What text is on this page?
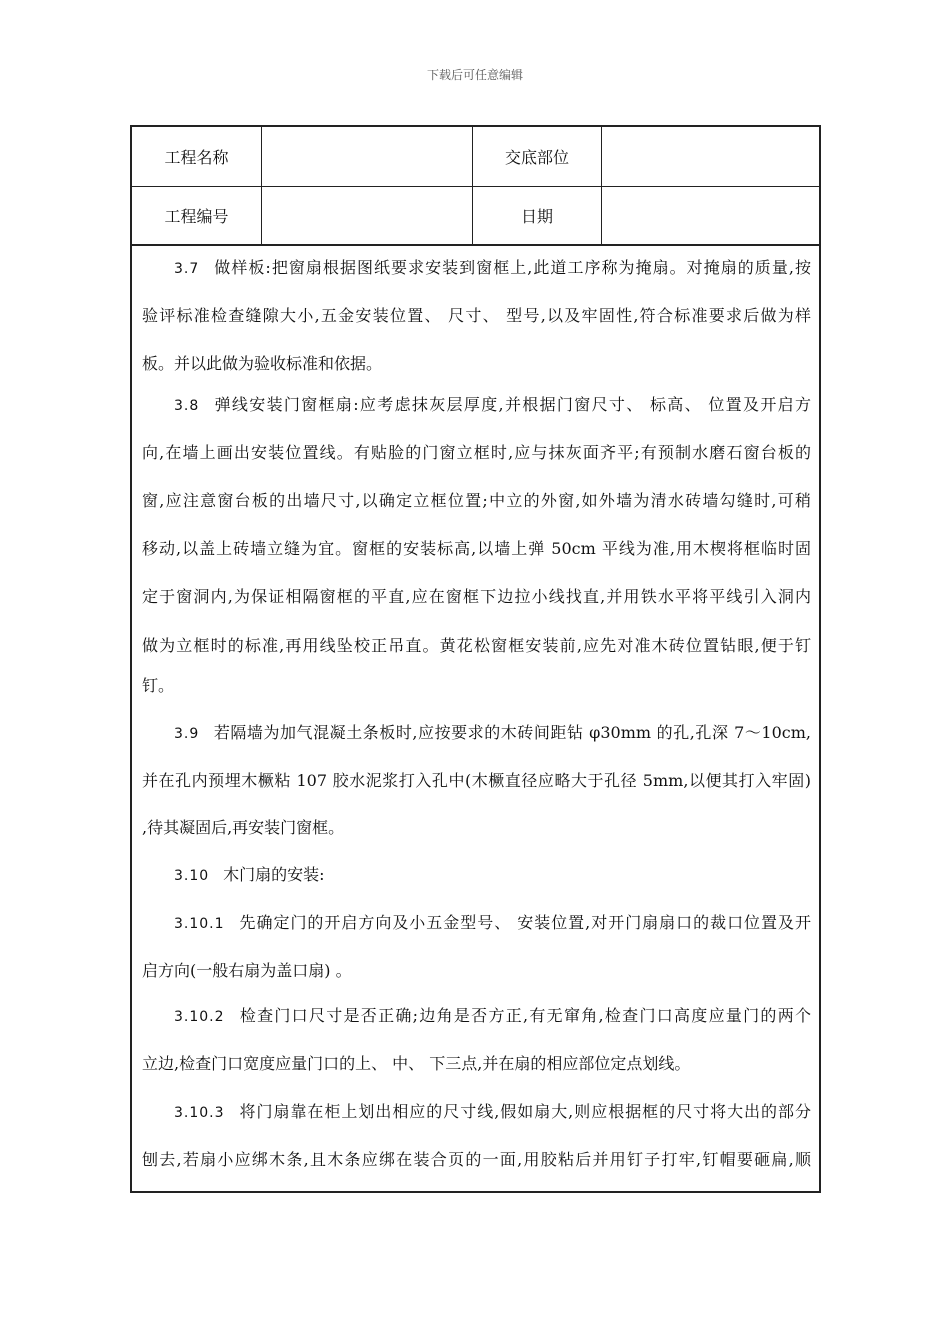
下载后可任意编辑
工程名称	交底部位
工程编号	日期
3.7 做样板:把窗扇根据图纸要求安装到窗框上,此道工序称为掩扇。对掩扇的质量,按
验评标准检查缝隙大小,五金安装位置、 尺寸、 型号,以及牢固性,符合标准要求后做为样
板。并以此做为验收标准和依据。
3.8 弹线安装门窗框扇:应考虑抹灰层厚度,并根据门窗尺寸、 标高、 位置及开启方
向,在墙上画出安装位置线。有贴脸的门窗立框时,应与抹灰面齐平;有预制水磨石窗台板的
窗,应注意窗台板的出墙尺寸,以确定立框位置;中立的外窗,如外墙为清水砖墙勾缝时,可稍
移动,以盖上砖墙立缝为宜。窗框的安装标高,以墙上弹 50cm 平线为准,用木楔将框临时固
定于窗洞内,为保证相隔窗框的平直,应在窗框下边拉小线找直,并用铁水平将平线引入洞内
做为立框时的标准,再用线坠校正吊直。黄花松窗框安装前,应先对准木砖位置钻眼,便于钉
钉。
3.9 若隔墙为加气混凝土条板时,应按要求的木砖间距钻 φ30mm 的孔,孔深 7～10cm,
并在孔内预埋木橛粘 107 胶水泥浆打入孔中(木橛直径应略大于孔径 5mm,以便其打入牢固)
,待其凝固后,再安装门窗框。
3.10 木门扇的安装:
3.10.1 先确定门的开启方向及小五金型号、 安装位置,对开门扇扇口的裁口位置及开
启方向(一般右扇为盖口扇) 。
3.10.2 检查门口尺寸是否正确;边角是否方正,有无窜角,检查门口高度应量门的两个
立边,检查门口宽度应量门口的上、 中、 下三点,并在扇的相应部位定点划线。
3.10.3 将门扇靠在柜上划出相应的尺寸线,假如扇大,则应根据框的尺寸将大出的部分
刨去,若扇小应绑木条,且木条应绑在装合页的一面,用胶粘后并用钉子打牢,钉帽要砸扁,顺
